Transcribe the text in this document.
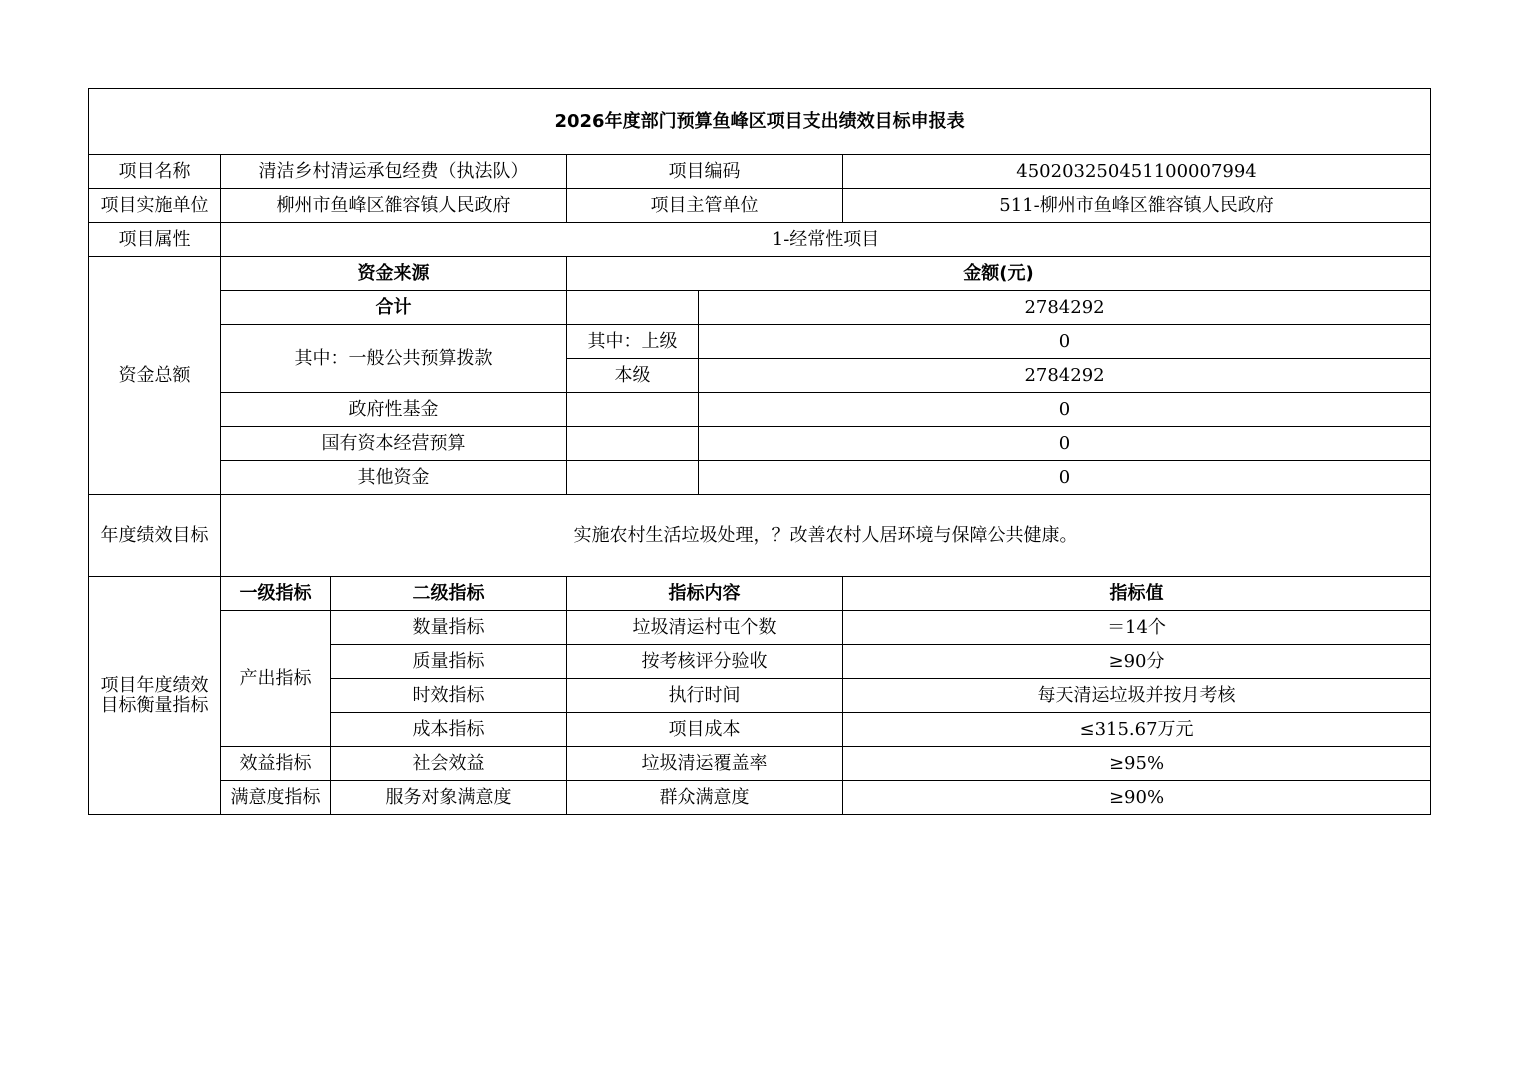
2026年度部门预算鱼峰区项目支出绩效目标申报表					
项目名称	清洁乡村清运承包经费（执法队）		项目编码		450203250451100007994
项目实施单位	柳州市鱼峰区雒容镇人民政府		项目主管单位		511-柳州市鱼峰区雒容镇人民政府
项目属性	1-经常性项目				
资金总额	资金来源		金额(元)		
	合计			2784292	
	其中：一般公共预算拨款		其中：上级	0	
			本级	2784292	
	政府性基金			0	
	国有资本经营预算			0	
	其他资金			0	
年度绩效目标	实施农村生活垃圾处理，？改善农村人居环境与保障公共健康。				

项目年度绩效
目标衡量指标	一级指标	二级指标	指标内容		指标值
	产出指标	数量指标	垃圾清运村屯个数		＝14个
		质量指标	按考核评分验收		≥90分
		时效指标	执行时间		每天清运垃圾并按月考核
		成本指标	项目成本		≤315.67万元
	效益指标	社会效益	垃圾清运覆盖率		≥95%
	满意度指标	服务对象满意度	群众满意度		≥90%
